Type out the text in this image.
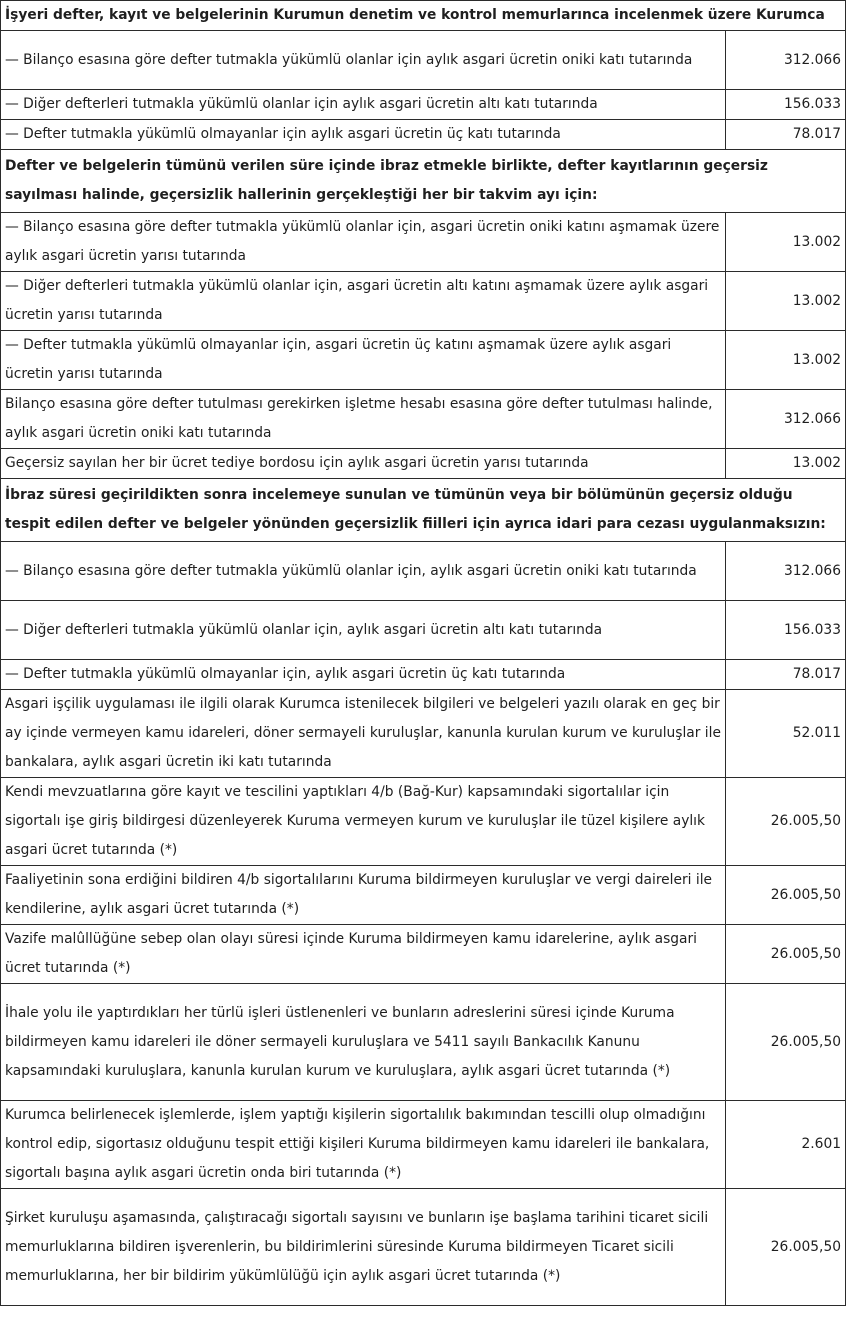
İşyeri defter, kayıt ve belgelerinin Kurumun denetim ve kontrol memurlarınca incelenmek üzere Kurumca	
— Bilanço esasına göre defter tutmakla yükümlü olanlar için aylık asgari ücretin oniki katı tutarında	312.066
— Diğer defterleri tutmakla yükümlü olanlar için aylık asgari ücretin altı katı tutarında	156.033
— Defter tutmakla yükümlü olmayanlar için aylık asgari ücretin üç katı tutarında	78.017
Defter ve belgelerin tümünü verilen süre içinde ibraz etmekle birlikte, defter kayıtlarının geçersiz sayılması halinde, geçersizlik hallerinin gerçekleştiği her bir takvim ayı için:	
— Bilanço esasına göre defter tutmakla yükümlü olanlar için, asgari ücretin oniki katını aşmamak üzere aylık asgari ücretin yarısı tutarında	13.002
— Diğer defterleri tutmakla yükümlü olanlar için, asgari ücretin altı katını aşmamak üzere aylık asgari ücretin yarısı tutarında	13.002
— Defter tutmakla yükümlü olmayanlar için, asgari ücretin üç katını aşmamak üzere aylık asgari ücretin yarısı tutarında	13.002
Bilanço esasına göre defter tutulması gerekirken işletme hesabı esasına göre defter tutulması halinde, aylık asgari ücretin oniki katı tutarında	312.066
Geçersiz sayılan her bir ücret tediye bordosu için aylık asgari ücretin yarısı tutarında	13.002
İbraz süresi geçirildikten sonra incelemeye sunulan ve tümünün veya bir bölümünün geçersiz olduğu tespit edilen defter ve belgeler yönünden geçersizlik fiilleri için ayrıca idari para cezası uygulanmaksızın:	
— Bilanço esasına göre defter tutmakla yükümlü olanlar için, aylık asgari ücretin oniki katı tutarında	312.066
— Diğer defterleri tutmakla yükümlü olanlar için, aylık asgari ücretin altı katı tutarında	156.033
— Defter tutmakla yükümlü olmayanlar için, aylık asgari ücretin üç katı tutarında	78.017
Asgari işçilik uygulaması ile ilgili olarak Kurumca istenilecek bilgileri ve belgeleri yazılı olarak en geç bir ay içinde vermeyen kamu idareleri, döner sermayeli kuruluşlar, kanunla kurulan kurum ve kuruluşlar ile bankalara, aylık asgari ücretin iki katı tutarında	52.011
Kendi mevzuatlarına göre kayıt ve tescilini yaptıkları 4/b (Bağ-Kur) kapsamındaki sigortalılar için sigortalı işe giriş bildirgesi düzenleyerek Kuruma vermeyen kurum ve kuruluşlar ile tüzel kişilere aylık asgari ücret tutarında (*)	26.005,50
Faaliyetinin sona erdiğini bildiren 4/b sigortalılarını Kuruma bildirmeyen kuruluşlar ve vergi daireleri ile kendilerine, aylık asgari ücret tutarında (*)	26.005,50
Vazife malûllüğüne sebep olan olayı süresi içinde Kuruma bildirmeyen kamu idarelerine, aylık asgari ücret tutarında (*)	26.005,50
İhale yolu ile yaptırdıkları her türlü işleri üstlenenleri ve bunların adreslerini süresi içinde Kuruma bildirmeyen kamu idareleri ile döner sermayeli kuruluşlara ve 5411 sayılı Bankacılık Kanunu kapsamındaki kuruluşlara, kanunla kurulan kurum ve kuruluşlara, aylık asgari ücret tutarında (*)	26.005,50
Kurumca belirlenecek işlemlerde, işlem yaptığı kişilerin sigortalılık bakımından tescilli olup olmadığını kontrol edip, sigortasız olduğunu tespit ettiği kişileri Kuruma bildirmeyen kamu idareleri ile bankalara, sigortalı başına aylık asgari ücretin onda biri tutarında (*)	2.601
Şirket kuruluşu aşamasında, çalıştıracağı sigortalı sayısını ve bunların işe başlama tarihini ticaret sicili memurluklarına bildiren işverenlerin, bu bildirimlerini süresinde Kuruma bildirmeyen Ticaret sicili memurluklarına, her bir bildirim yükümlülüğü için aylık asgari ücret tutarında (*)	26.005,50
